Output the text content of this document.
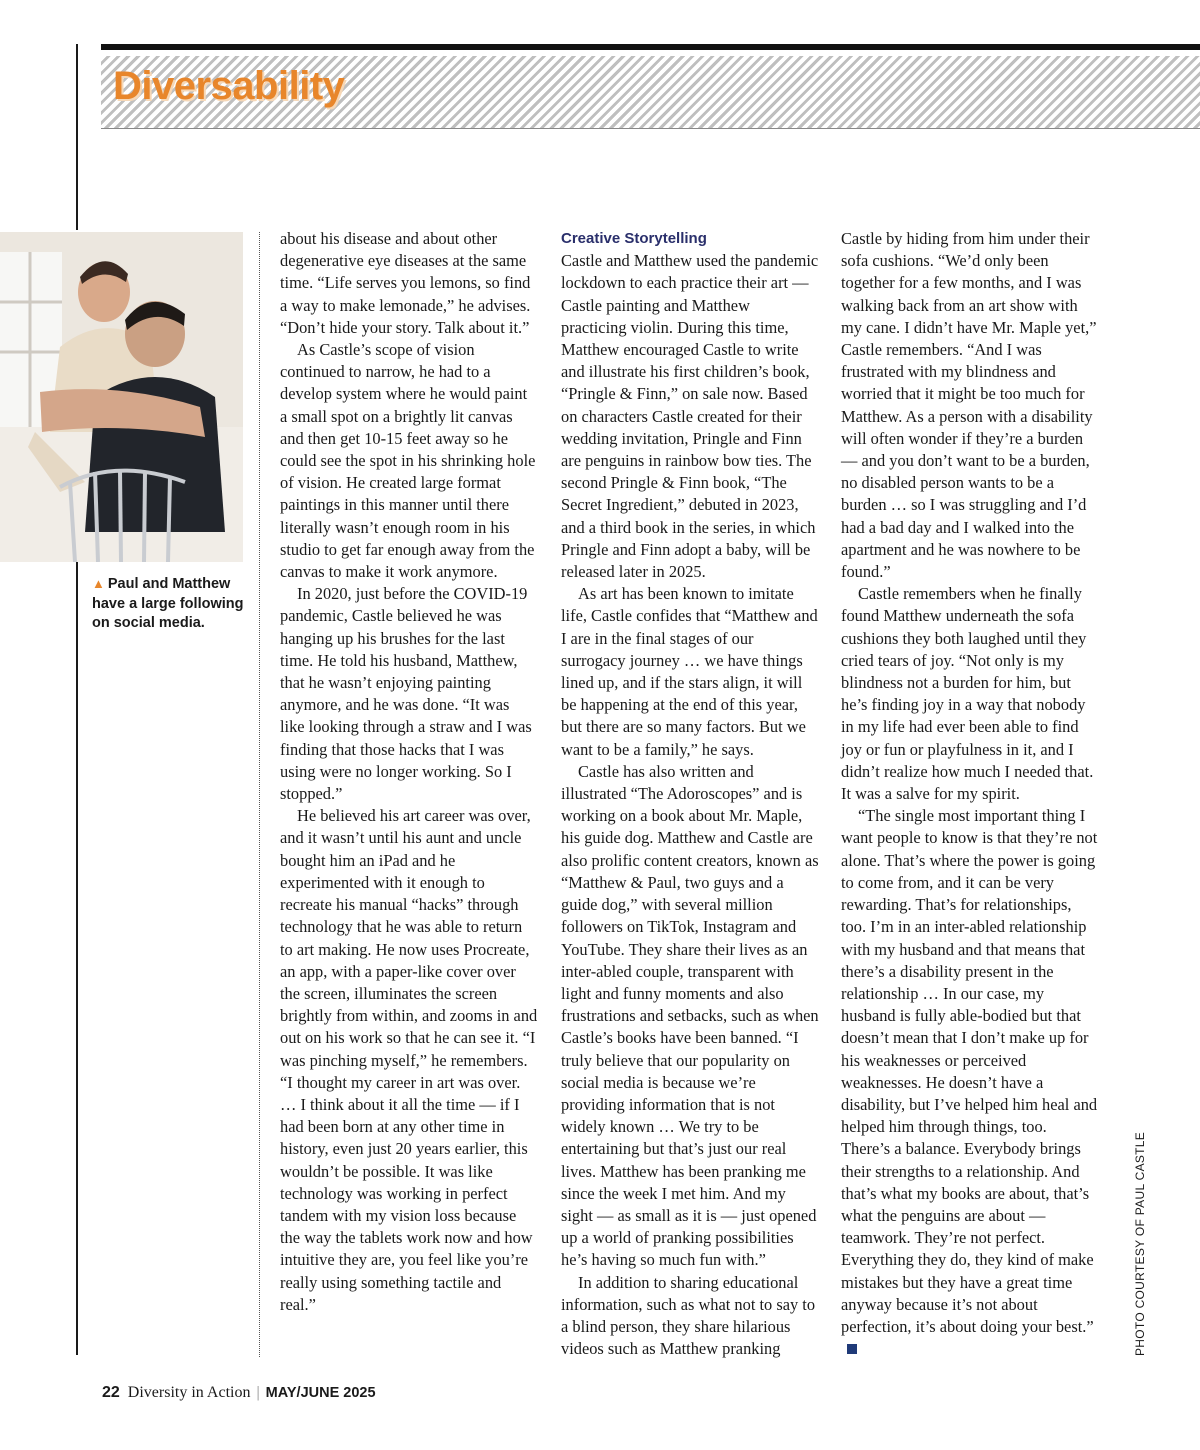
Diversability
▲ Paul and Matthew have a large following on social media.

about his disease and about other degenerative eye diseases at the same time. “Life serves you lemons, so find a way to make lemonade,” he advises. “Don’t hide your story. Talk about it.”

As Castle’s scope of vision continued to narrow, he had to a develop system where he would paint a small spot on a brightly lit canvas and then get 10-15 feet away so he could see the spot in his shrinking hole of vision. He created large format paintings in this manner until there literally wasn’t enough room in his studio to get far enough away from the canvas to make it work anymore.

In 2020, just before the COVID-19 pandemic, Castle believed he was hanging up his brushes for the last time. He told his husband, Matthew, that he wasn’t enjoying painting anymore, and he was done. “It was like looking through a straw and I was finding that those hacks that I was using were no longer working. So I stopped.”

He believed his art career was over, and it wasn’t until his aunt and uncle bought him an iPad and he experimented with it enough to recreate his manual “hacks” through technology that he was able to return to art making. He now uses Procreate, an app, with a paper-like cover over the screen, illuminates the screen brightly from within, and zooms in and out on his work so that he can see it. “I was pinching myself,” he remembers. “I thought my career in art was over. … I think about it all the time — if I had been born at any other time in history, even just 20 years earlier, this wouldn’t be possible. It was like technology was working in perfect tandem with my vision loss because the way the tablets work now and how intuitive they are, you feel like you’re really using something tactile and real.”

Creative Storytelling

Castle and Matthew used the pandemic lockdown to each practice their art — Castle painting and Matthew practicing violin. During this time, Matthew encouraged Castle to write and illustrate his first children’s book, “Pringle & Finn,” on sale now. Based on characters Castle created for their wedding invitation, Pringle and Finn are penguins in rainbow bow ties. The second Pringle & Finn book, “The Secret Ingredient,” debuted in 2023, and a third book in the series, in which Pringle and Finn adopt a baby, will be released later in 2025.

As art has been known to imitate life, Castle confides that “Matthew and I are in the final stages of our surrogacy journey … we have things lined up, and if the stars align, it will be happening at the end of this year, but there are so many factors. But we want to be a family,” he says.

Castle has also written and illustrated “The Adoroscopes” and is working on a book about Mr. Maple, his guide dog. Matthew and Castle are also prolific content creators, known as “Matthew & Paul, two guys and a guide dog,” with several million followers on TikTok, Instagram and YouTube. They share their lives as an inter-abled couple, transparent with light and funny moments and also frustrations and setbacks, such as when Castle’s books have been banned. “I truly believe that our popularity on social media is because we’re providing information that is not widely known … We try to be entertaining but that’s just our real lives. Matthew has been pranking me since the week I met him. And my sight — as small as it is — just opened up a world of pranking possibilities he’s having so much fun with.”

In addition to sharing educational information, such as what not to say to a blind person, they share hilarious videos such as Matthew pranking

Castle by hiding from him under their sofa cushions. “We’d only been together for a few months, and I was walking back from an art show with my cane. I didn’t have Mr. Maple yet,” Castle remembers. “And I was frustrated with my blindness and worried that it might be too much for Matthew. As a person with a disability will often wonder if they’re a burden — and you don’t want to be a burden, no disabled person wants to be a burden … so I was struggling and I’d had a bad day and I walked into the apartment and he was nowhere to be found.”

Castle remembers when he finally found Matthew underneath the sofa cushions they both laughed until they cried tears of joy. “Not only is my blindness not a burden for him, but he’s finding joy in a way that nobody in my life had ever been able to find joy or fun or playfulness in it, and I didn’t realize how much I needed that. It was a salve for my spirit.

“The single most important thing I want people to know is that they’re not alone. That’s where the power is going to come from, and it can be very rewarding. That’s for relationships, too. I’m in an inter-abled relationship with my husband and that means that there’s a disability present in the relationship … In our case, my husband is fully able-bodied but that doesn’t mean that I don’t make up for his weaknesses or perceived weaknesses. He doesn’t have a disability, but I’ve helped him heal and helped him through things, too. There’s a balance. Everybody brings their strengths to a relationship. And that’s what my books are about, that’s what the penguins are about — teamwork. They’re not perfect. Everything they do, they kind of make mistakes but they have a great time anyway because it’s not about perfection, it’s about doing your best.”	PHOTO COURTESY OF PAUL CASTLE
22 Diversity in Action | MAY/JUNE 2025
